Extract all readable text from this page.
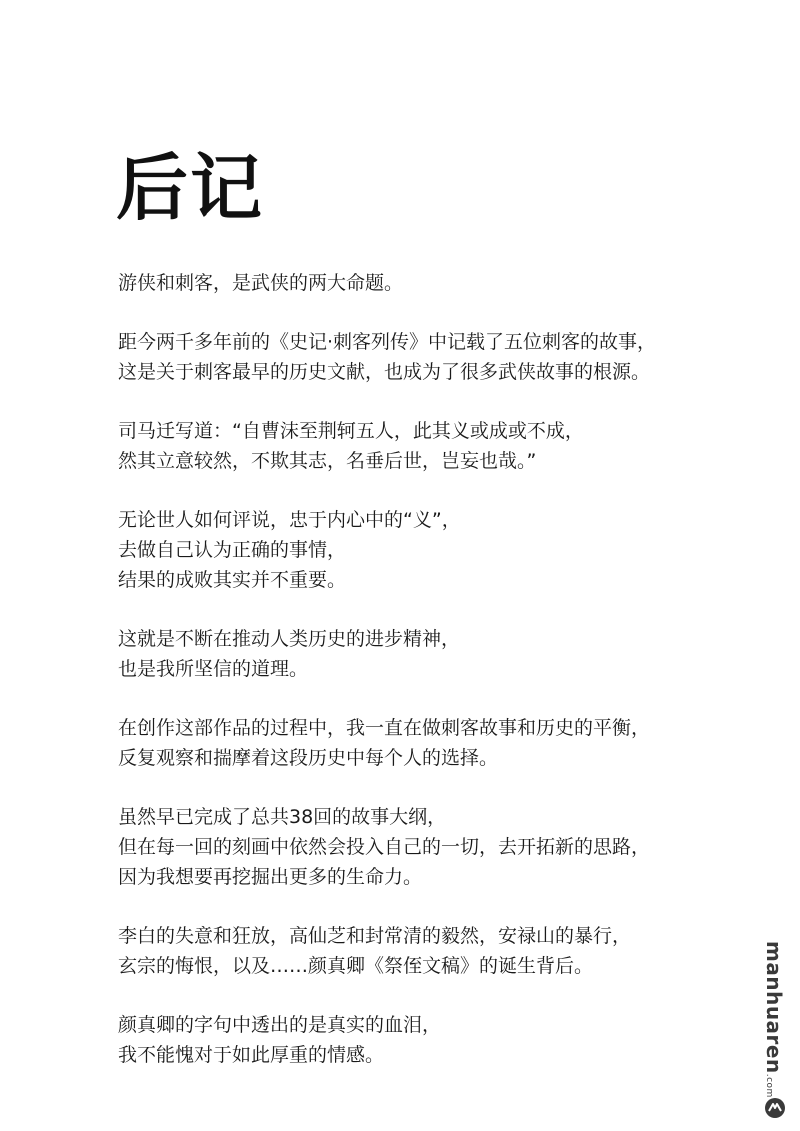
后记

游侠和刺客，是武侠的两大命题。

距今两千多年前的《史记·刺客列传》中记载了五位刺客的故事，
这是关于刺客最早的历史文献，也成为了很多武侠故事的根源。

司马迁写道：“自曹沫至荆轲五人，此其义或成或不成，
然其立意较然，不欺其志，名垂后世，岂妄也哉。”

无论世人如何评说，忠于内心中的“义”，
去做自己认为正确的事情，
结果的成败其实并不重要。

这就是不断在推动人类历史的进步精神，
也是我所坚信的道理。

在创作这部作品的过程中，我一直在做刺客故事和历史的平衡，
反复观察和揣摩着这段历史中每个人的选择。

虽然早已完成了总共38回的故事大纲，
但在每一回的刻画中依然会投入自己的一切，去开拓新的思路，
因为我想要再挖掘出更多的生命力。

李白的失意和狂放，高仙芝和封常清的毅然，安禄山的暴行，
玄宗的悔恨，以及……颜真卿《祭侄文稿》的诞生背后。

颜真卿的字句中透出的是真实的血泪，
我不能愧对于如此厚重的情感。	manhuaren.com
